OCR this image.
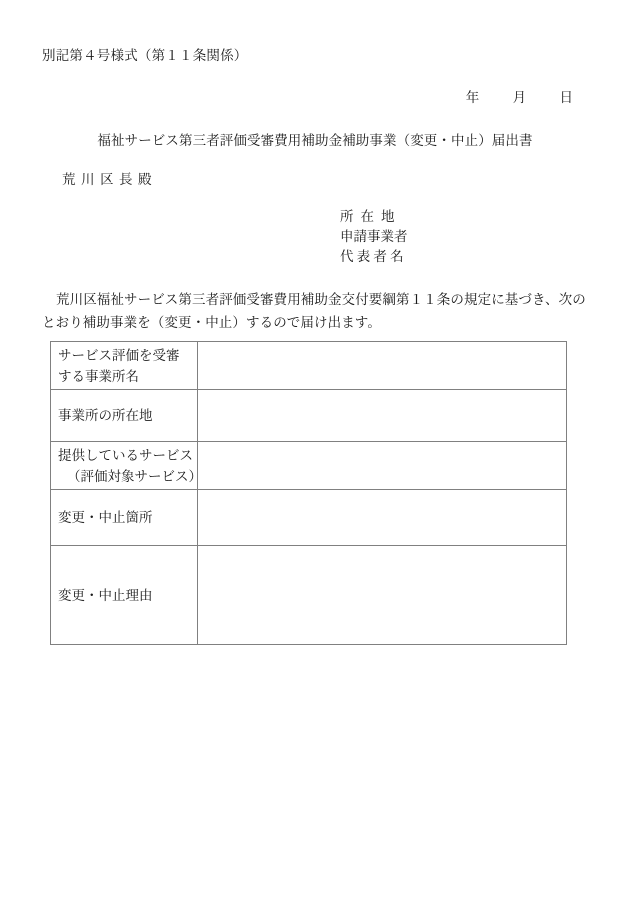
別記第４号様式（第１１条関係）
年 月 日
福祉サービス第三者評価受審費用補助金補助事業（変更・中止）届出書
荒川区長殿
所在地
申請事業者
代表者名
荒川区福祉サービス第三者評価受審費用補助金交付要綱第１１条の規定に基づき、次のとおり補助事業を（変更・中止）するので届け出ます。
サービス評価を受審
する事業所名	

事業所の所在地	

提供しているサービス
（評価対象サービス）	

変更・中止箇所	

変更・中止理由	
